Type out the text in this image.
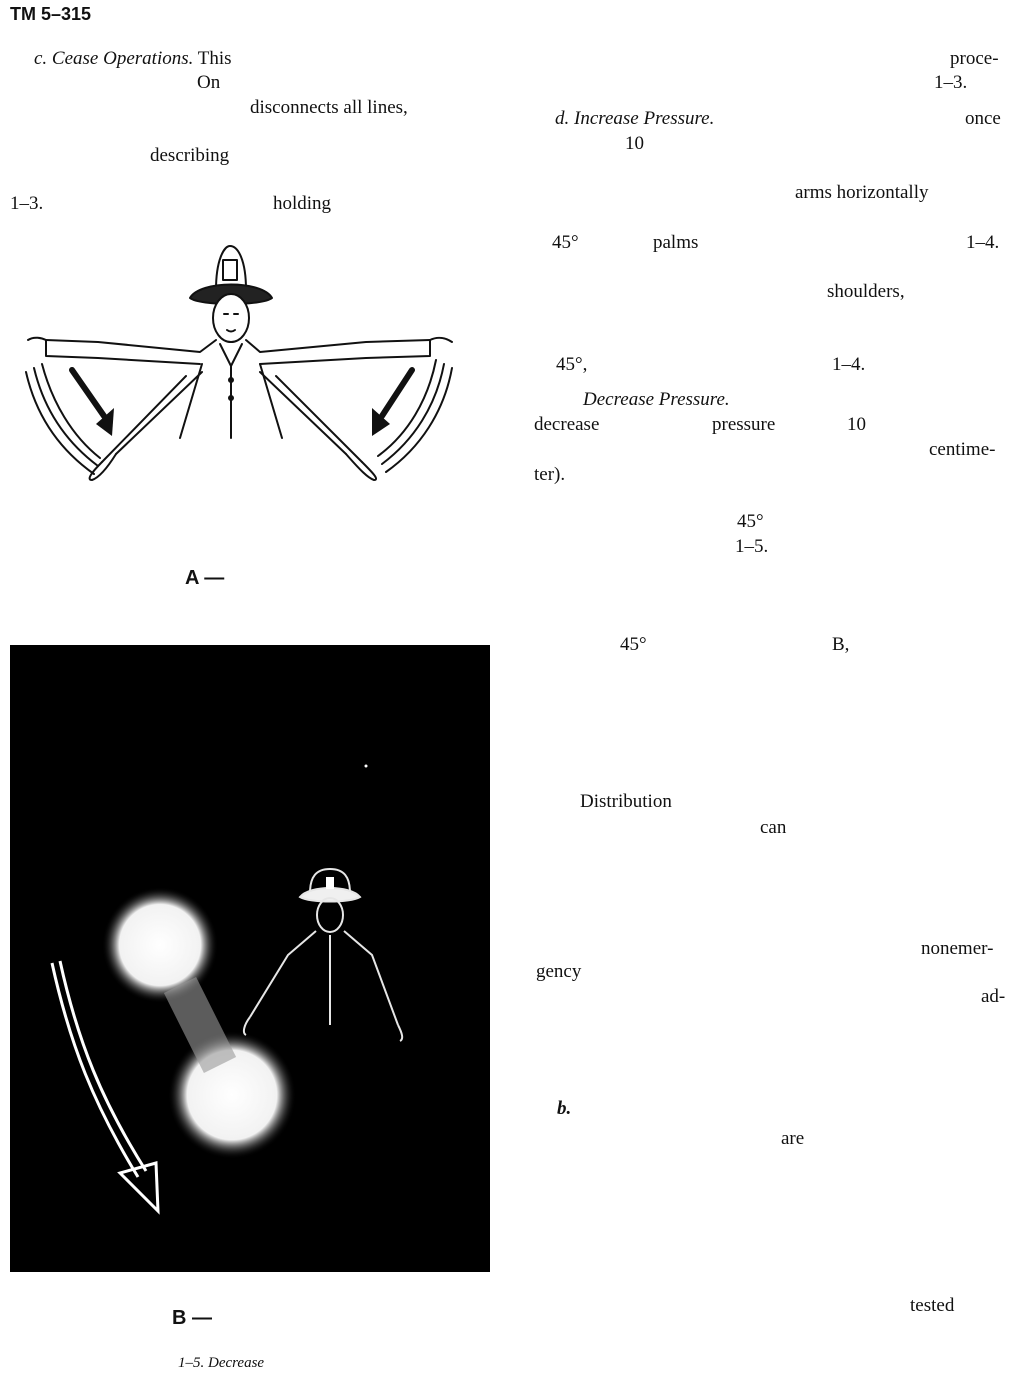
TM 5–315
c. Cease Operations. This
On
disconnects all lines,
describing
1–3.	holding
A —
B —
1–5. Decrease
proce-
1–3.
d. Increase Pressure.	once
10
arms horizontally
45°	palms	1–4.
shoulders,
45°,	1–4.
Decrease Pressure.
decrease	pressure	10
centime-
ter).
45°
1–5.
45°	B,
Distribution
can
nonemer-
gency
ad-
b.
are
tested
